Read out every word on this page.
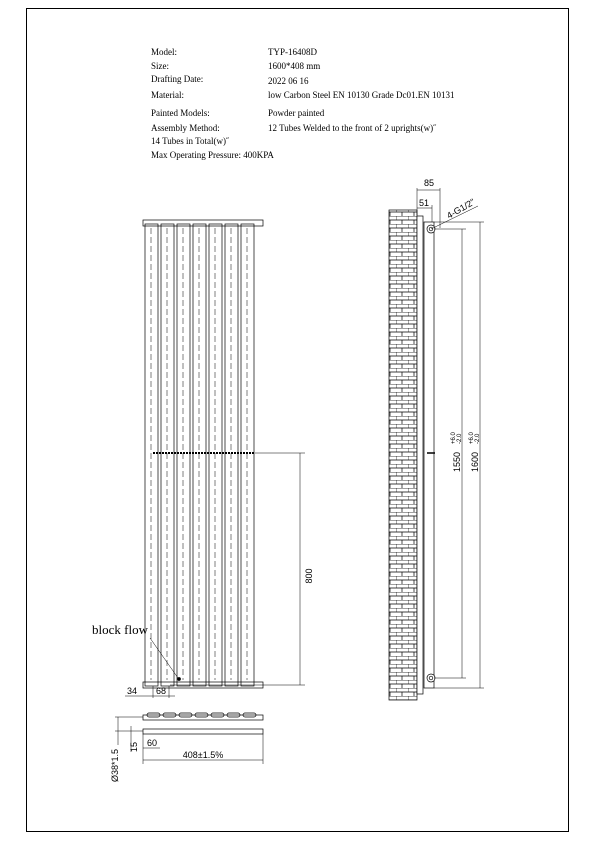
Model:	TYP-16408D
Size:	1600*408 mm
Drafting Date:	2022 06 16
Material:	low Carbon Steel EN 10130 Grade Dc01.EN 10131
Painted Models:	Powder painted
Assembly Method:	12 Tubes Welded to the front of 2 uprights(w)˝
14 Tubes in Total(w)˝
Max Operating Pressure: 400KPA
800
block flow
34 68
85
51 4-G1/2"
1550
+6.0 -2.0
1600
+6.0 -2.0
Ø38*1.5
15 60
408±1.5%
